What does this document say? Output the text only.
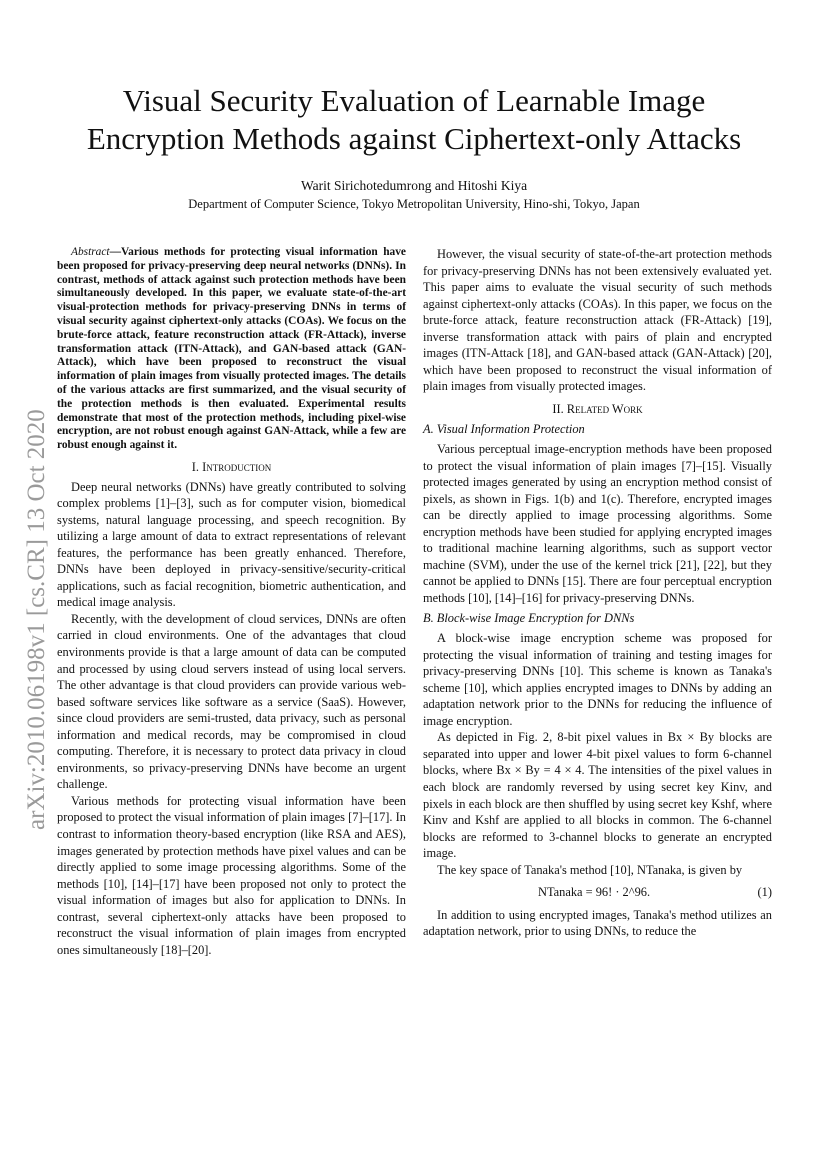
Visual Security Evaluation of Learnable Image
Encryption Methods against Ciphertext-only Attacks
Warit Sirichotedumrong and Hitoshi Kiya
Department of Computer Science, Tokyo Metropolitan University, Hino-shi, Tokyo, Japan
arXiv:2010.06198v1 [cs.CR] 13 Oct 2020

Abstract—Various methods for protecting visual information have been proposed for privacy-preserving deep neural networks (DNNs). In contrast, methods of attack against such protection methods have been simultaneously developed. In this paper, we evaluate state-of-the-art visual-protection methods for privacy-preserving DNNs in terms of visual security against ciphertext-only attacks (COAs). We focus on the brute-force attack, feature reconstruction attack (FR-Attack), inverse transformation attack (ITN-Attack), and GAN-based attack (GAN-Attack), which have been proposed to reconstruct the visual information of plain images from visually protected images. The details of the various attacks are first summarized, and the visual security of the protection methods is then evaluated. Experimental results demonstrate that most of the protection methods, including pixel-wise encryption, are not robust enough against GAN-Attack, while a few are robust enough against it.

I. Introduction

Deep neural networks (DNNs) have greatly contributed to solving complex problems [1]–[3], such as for computer vision, biomedical systems, natural language processing, and speech recognition. By utilizing a large amount of data to extract representations of relevant features, the performance has been greatly enhanced. Therefore, DNNs have been deployed in privacy-sensitive/security-critical applications, such as facial recognition, biometric authentication, and medical image analysis.

Recently, with the development of cloud services, DNNs are often carried in cloud environments. One of the advantages that cloud environments provide is that a large amount of data can be computed and processed by using cloud servers instead of using local servers. The other advantage is that cloud providers can provide various web-based software services like software as a service (SaaS). However, since cloud providers are semi-trusted, data privacy, such as personal information and medical records, may be compromised in cloud computing. Therefore, it is necessary to protect data privacy in cloud environments, so privacy-preserving DNNs have become an urgent challenge.

Various methods for protecting visual information have been proposed to protect the visual information of plain images [7]–[17]. In contrast to information theory-based encryption (like RSA and AES), images generated by protection methods have pixel values and can be directly applied to some image processing algorithms. Some of the methods [10], [14]–[17] have been proposed not only to protect the visual information of images but also for application to DNNs. In contrast, several ciphertext-only attacks have been proposed to reconstruct the visual information of plain images from encrypted ones simultaneously [18]–[20].

However, the visual security of state-of-the-art protection methods for privacy-preserving DNNs has not been extensively evaluated yet. This paper aims to evaluate the visual security of such methods against ciphertext-only attacks (COAs). In this paper, we focus on the brute-force attack, feature reconstruction attack (FR-Attack) [19], inverse transformation attack with pairs of plain and encrypted images (ITN-Attack [18], and GAN-based attack (GAN-Attack) [20], which have been proposed to reconstruct the visual information of plain images from visually protected images.

II. Related Work
A. Visual Information Protection

Various perceptual image-encryption methods have been proposed to protect the visual information of plain images [7]–[15]. Visually protected images generated by using an encryption method consist of pixels, as shown in Figs. 1(b) and 1(c). Therefore, encrypted images can be directly applied to image processing algorithms. Some encryption methods have been studied for applying encrypted images to traditional machine learning algorithms, such as support vector machine (SVM), under the use of the kernel trick [21], [22], but they cannot be applied to DNNs [15]. There are four perceptual encryption methods [10], [14]–[16] for privacy-preserving DNNs.

B. Block-wise Image Encryption for DNNs

A block-wise image encryption scheme was proposed for protecting the visual information of training and testing images for privacy-preserving DNNs [10]. This scheme is known as Tanaka's scheme [10], which applies encrypted images to DNNs by adding an adaptation network prior to the DNNs for reducing the influence of image encryption.

As depicted in Fig. 2, 8-bit pixel values in Bx × By blocks are separated into upper and lower 4-bit pixel values to form 6-channel blocks, where Bx × By = 4 × 4. The intensities of the pixel values in each block are randomly reversed by using secret key Kinv, and pixels in each block are then shuffled by using secret key Kshf, where Kinv and Kshf are applied to all blocks in common. The 6-channel blocks are reformed to 3-channel blocks to generate an encrypted image.

The key space of Tanaka's method [10], NTanaka, is given by

NTanaka = 96! · 2^96.	(1)

In addition to using encrypted images, Tanaka's method utilizes an adaptation network, prior to using DNNs, to reduce the
